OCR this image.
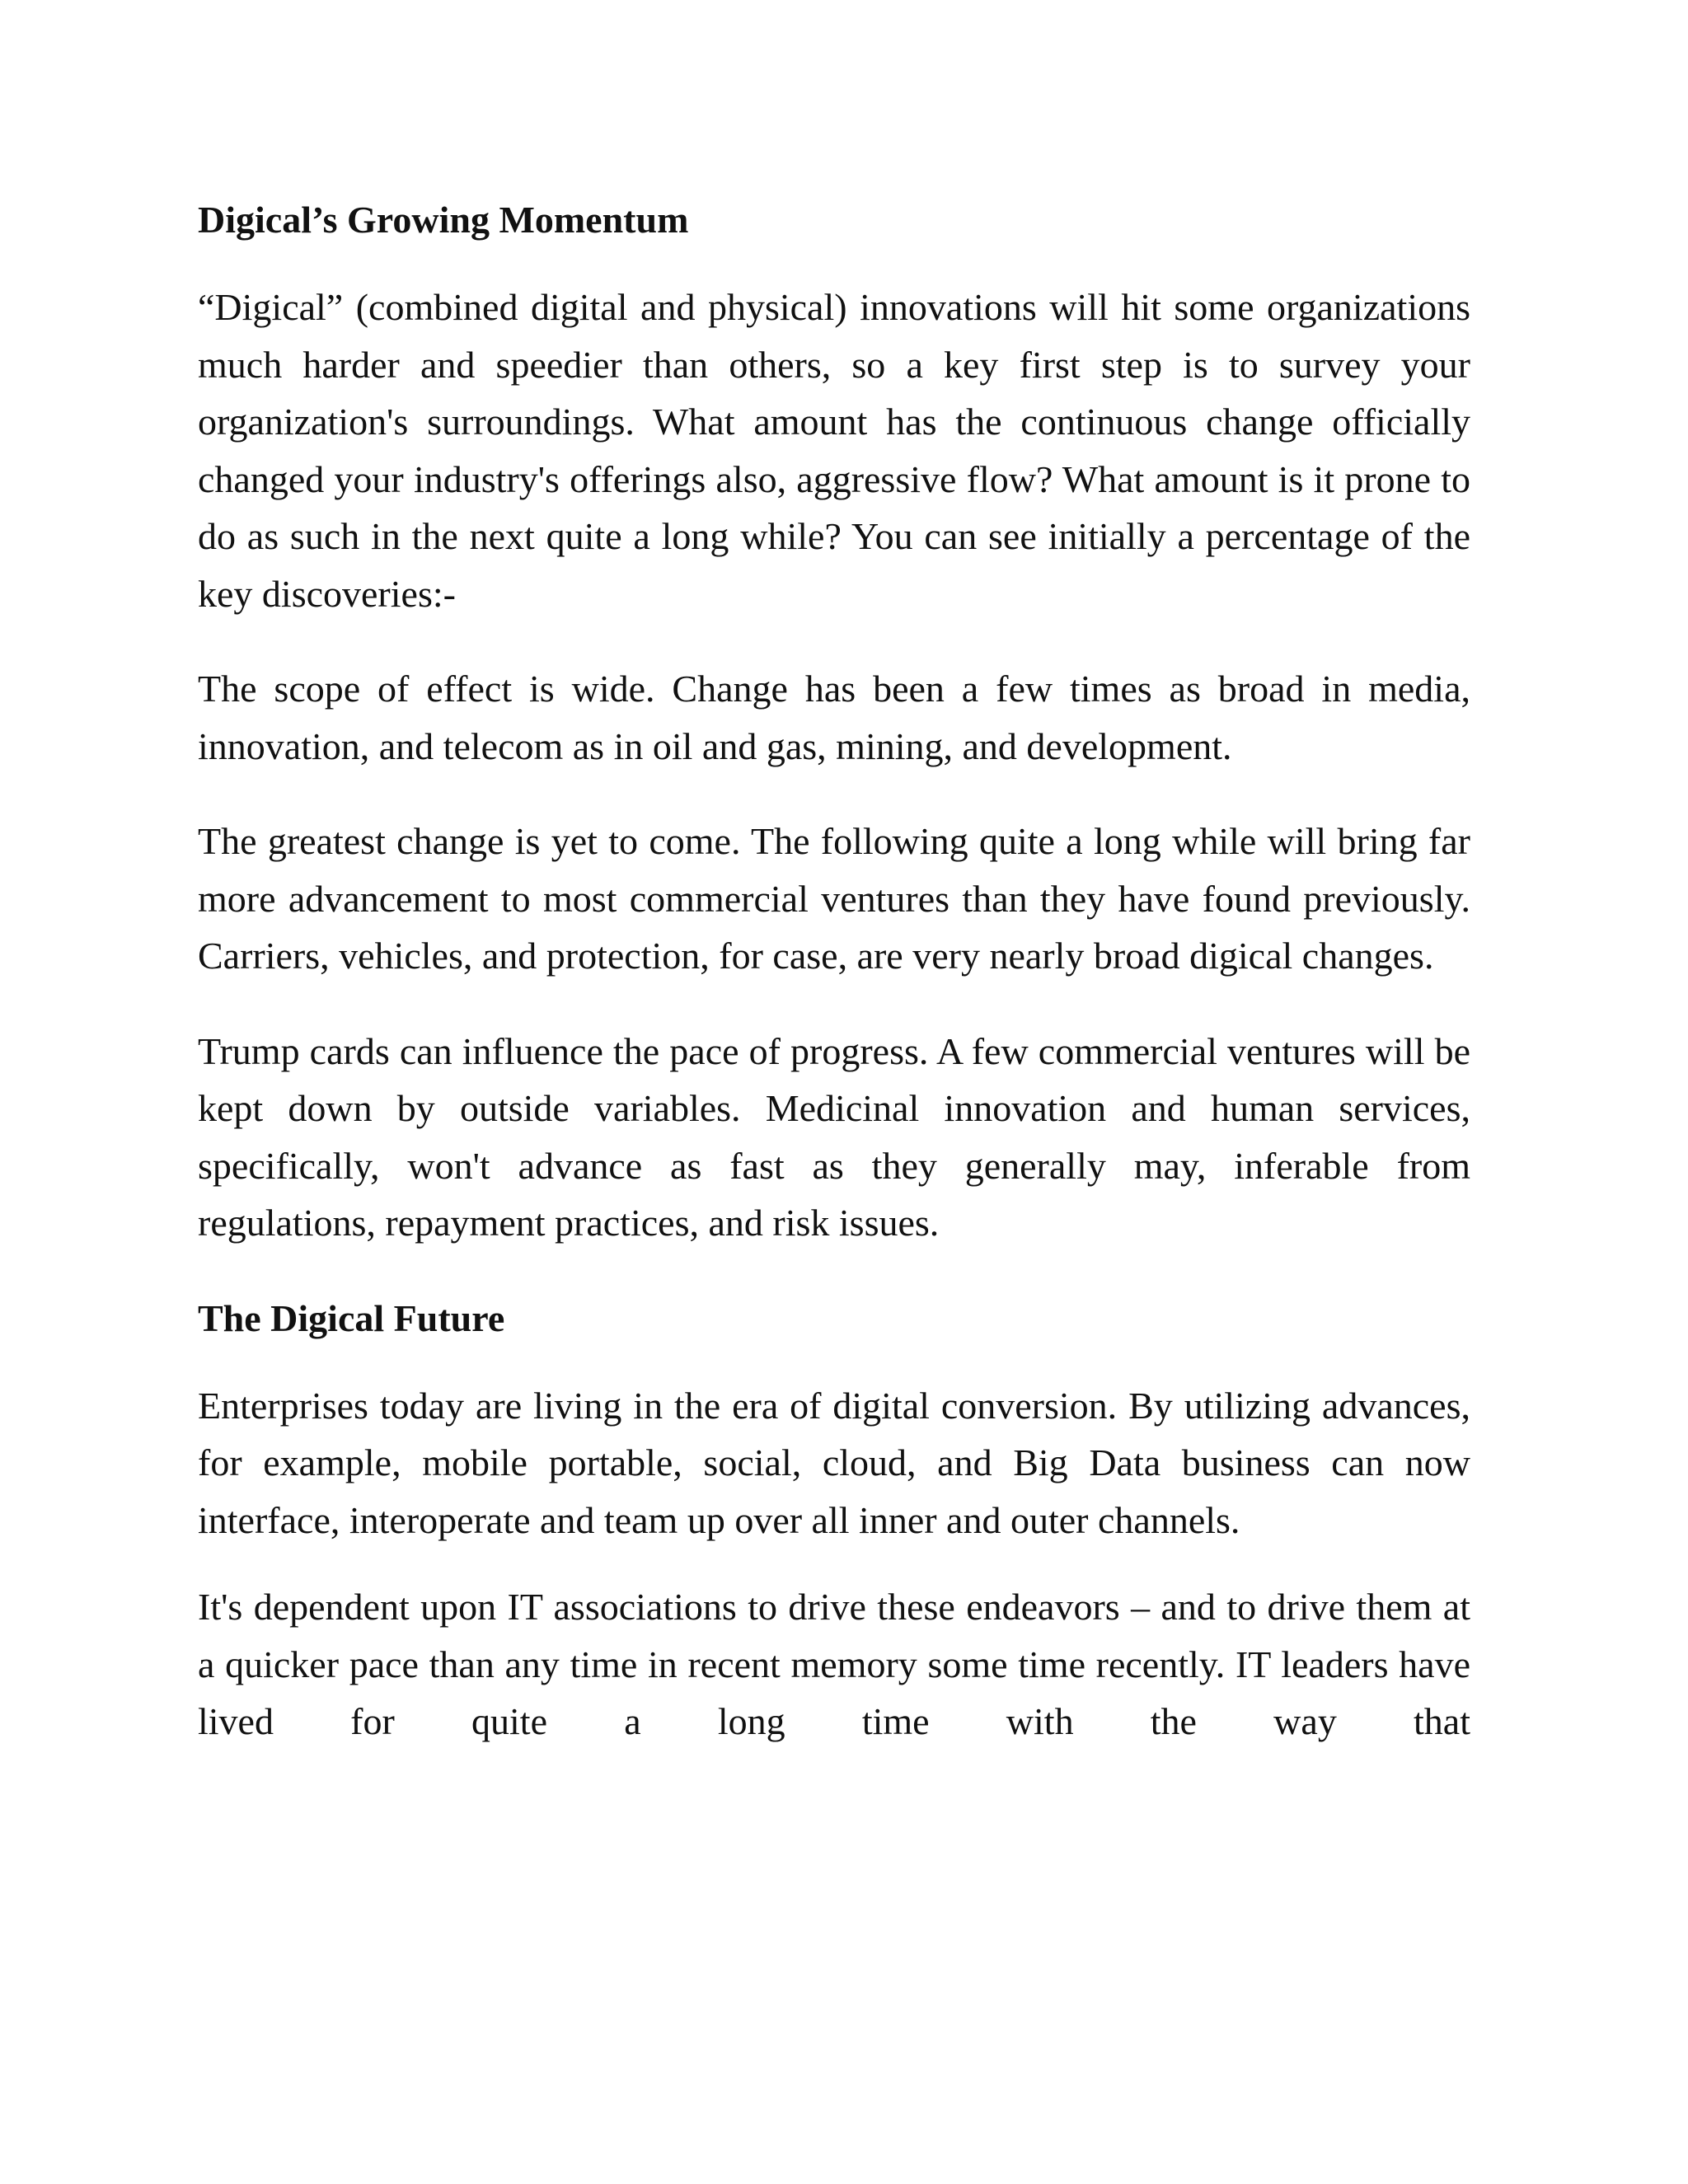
Digical’s Growing Momentum
“Digical” (combined digital and physical) innovations will hit some organizations much harder and speedier than others, so a key first step is to survey your organization's surroundings. What amount has the continuous change officially changed your industry's offerings also, aggressive flow? What amount is it prone to do as such in the next quite a long while? You can see initially a percentage of the key discoveries:-
The scope of effect is wide. Change has been a few times as broad in media, innovation, and telecom as in oil and gas, mining, and development.
The greatest change is yet to come. The following quite a long while will bring far more advancement to most commercial ventures than they have found previously. Carriers, vehicles, and protection, for case, are very nearly broad digical changes.
Trump cards can influence the pace of progress. A few commercial ventures will be kept down by outside variables. Medicinal innovation and human services, specifically, won't advance as fast as they generally may, inferable from regulations, repayment practices, and risk issues.
The Digical Future
Enterprises today are living in the era of digital conversion. By utilizing advances, for example, mobile portable, social, cloud, and Big Data business can now interface, interoperate and team up over all inner and outer channels.
It's dependent upon IT associations to drive these endeavors – and to drive them at a quicker pace than any time in recent memory some time recently. IT leaders have lived for quite a long time with the way that
